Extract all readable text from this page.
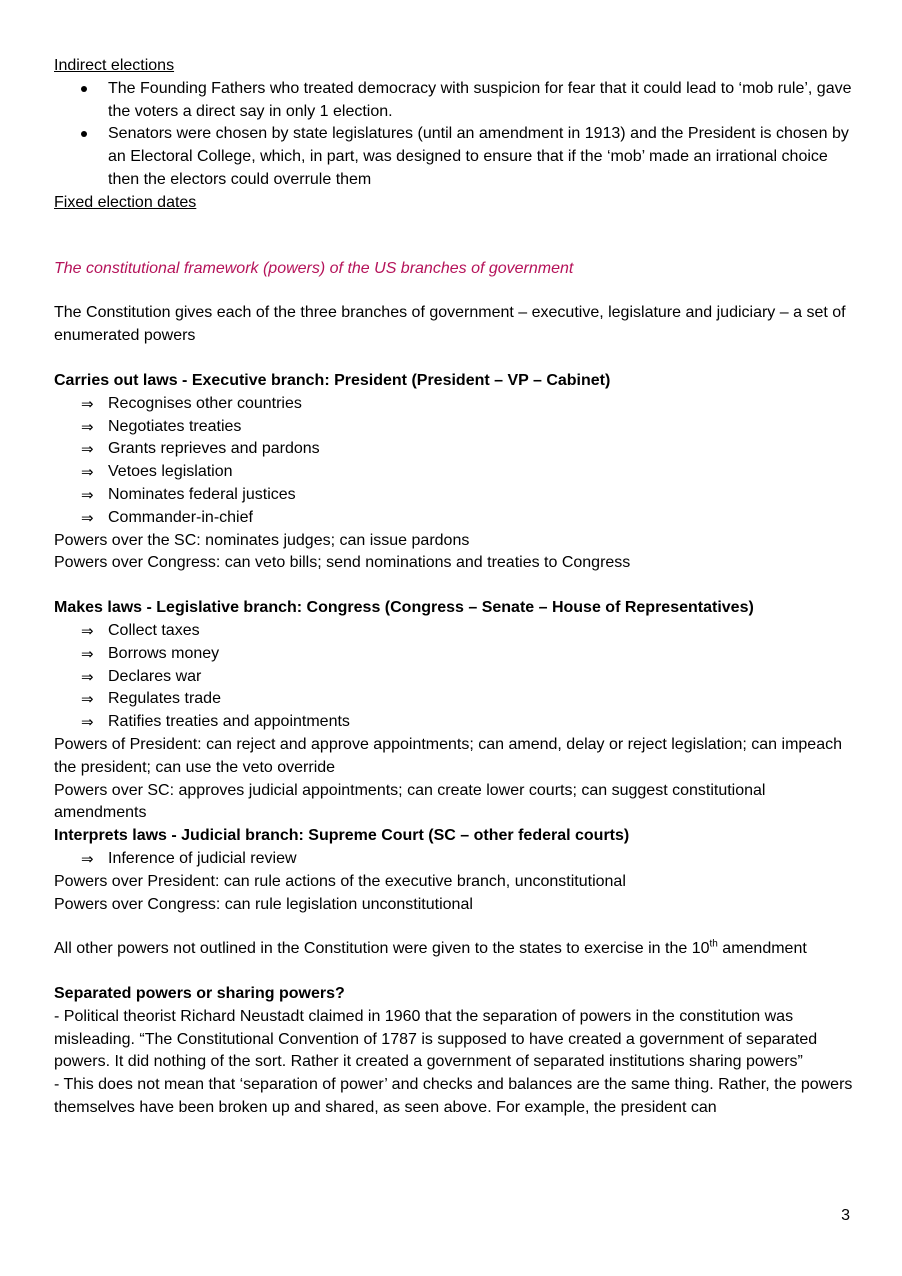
Indirect elections

The Founding Fathers who treated democracy with suspicion for fear that it could lead to ‘mob rule’, gave the voters a direct say in only 1 election.
Senators were chosen by state legislatures (until an amendment in 1913) and the President is chosen by an Electoral College, which, in part, was designed to ensure that if the ‘mob’ made an irrational choice then the electors could overrule them

Fixed election dates

The constitutional framework (powers) of the US branches of government

The Constitution gives each of the three branches of government – executive, legislature and judiciary – a set of enumerated powers

Carries out laws - Executive branch: President (President – VP – Cabinet)

⇒ Recognises other countries
⇒ Negotiates treaties
⇒ Grants reprieves and pardons
⇒ Vetoes legislation
⇒ Nominates federal justices
⇒ Commander-in-chief

Powers over the SC: nominates judges; can issue pardons

Powers over Congress: can veto bills; send nominations and treaties to Congress

Makes laws - Legislative branch: Congress (Congress – Senate – House of Representatives)

⇒ Collect taxes
⇒ Borrows money
⇒ Declares war
⇒ Regulates trade
⇒ Ratifies treaties and appointments

Powers of President: can reject and approve appointments; can amend, delay or reject legislation; can impeach the president; can use the veto override

Powers over SC: approves judicial appointments; can create lower courts; can suggest constitutional amendments

Interprets laws - Judicial branch: Supreme Court (SC – other federal courts)

⇒ Inference of judicial review

Powers over President: can rule actions of the executive branch, unconstitutional

Powers over Congress: can rule legislation unconstitutional

All other powers not outlined in the Constitution were given to the states to exercise in the 10th amendment

Separated powers or sharing powers?

- Political theorist Richard Neustadt claimed in 1960 that the separation of powers in the constitution was misleading. “The Constitutional Convention of 1787 is supposed to have created a government of separated powers. It did nothing of the sort. Rather it created a government of separated institutions sharing powers”

- This does not mean that ‘separation of power’ and checks and balances are the same thing. Rather, the powers themselves have been broken up and shared, as seen above. For example, the president can

3
